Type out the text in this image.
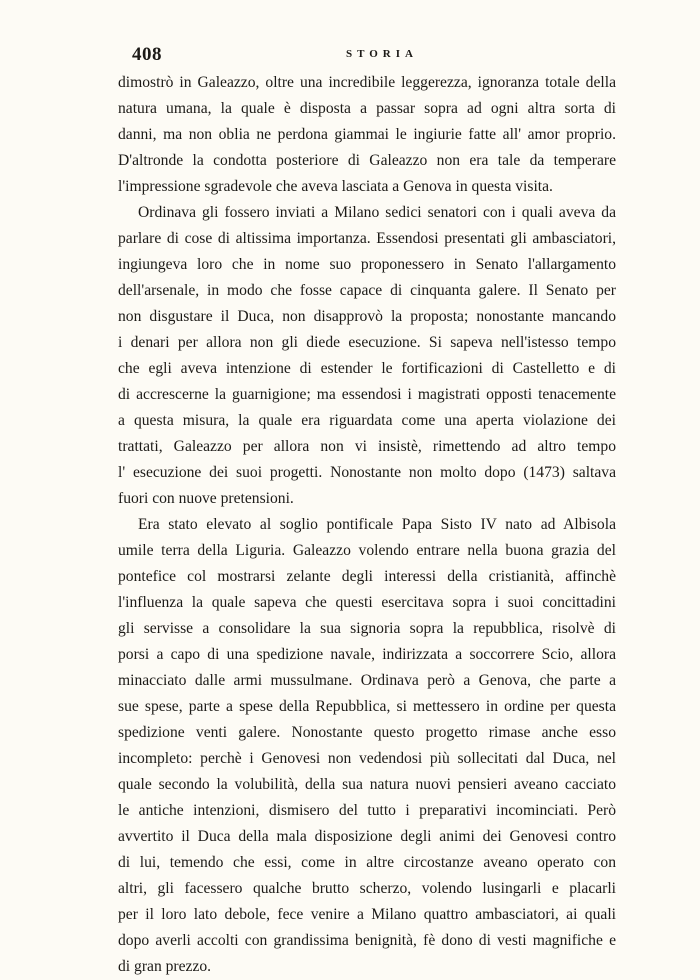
408	STORIA
dimostrò in Galeazzo, oltre una incredibile leggerezza, ignoranza totale della
natura umana, la quale è disposta a passar sopra ad ogni altra sorta di
danni, ma non oblia ne perdona giammai le ingiurie fatte all' amor proprio.
D'altronde la condotta posteriore di Galeazzo non era tale da temperare
l'impressione sgradevole che aveva lasciata a Genova in questa visita.
Ordinava gli fossero inviati a Milano sedici senatori con i quali aveva da
parlare di cose di altissima importanza. Essendosi presentati gli ambasciatori,
ingiungeva loro che in nome suo proponessero in Senato l'allargamento
dell'arsenale, in modo che fosse capace di cinquanta galere. Il Senato per
non disgustare il Duca, non disapprovò la proposta; nonostante mancando
i denari per allora non gli diede esecuzione. Si sapeva nell'istesso tempo
che egli aveva intenzione di estender le fortificazioni di Castelletto e di
di accrescerne la guarnigione; ma essendosi i magistrati opposti tenacemente
a questa misura, la quale era riguardata come una aperta violazione dei
trattati, Galeazzo per allora non vi insistè, rimettendo ad altro tempo
l' esecuzione dei suoi progetti. Nonostante non molto dopo (1473) saltava
fuori con nuove pretensioni.
Era stato elevato al soglio pontificale Papa Sisto IV nato ad Albisola
umile terra della Liguria. Galeazzo volendo entrare nella buona grazia del
pontefice col mostrarsi zelante degli interessi della cristianità, affinchè
l'influenza la quale sapeva che questi esercitava sopra i suoi concittadini
gli servisse a consolidare la sua signoria sopra la repubblica, risolvè di
porsi a capo di una spedizione navale, indirizzata a soccorrere Scio, allora
minacciato dalle armi mussulmane. Ordinava però a Genova, che parte a
sue spese, parte a spese della Repubblica, si mettessero in ordine per questa
spedizione venti galere. Nonostante questo progetto rimase anche esso
incompleto: perchè i Genovesi non vedendosi più sollecitati dal Duca, nel
quale secondo la volubilità, della sua natura nuovi pensieri aveano cacciato
le antiche intenzioni, dismisero del tutto i preparativi incominciati. Però
avvertito il Duca della mala disposizione degli animi dei Genovesi contro
di lui, temendo che essi, come in altre circostanze aveano operato con
altri, gli facessero qualche brutto scherzo, volendo lusingarli e placarli
per il loro lato debole, fece venire a Milano quattro ambasciatori, ai quali
dopo averli accolti con grandissima benignità, fè dono di vesti magnifiche e
di gran prezzo.
